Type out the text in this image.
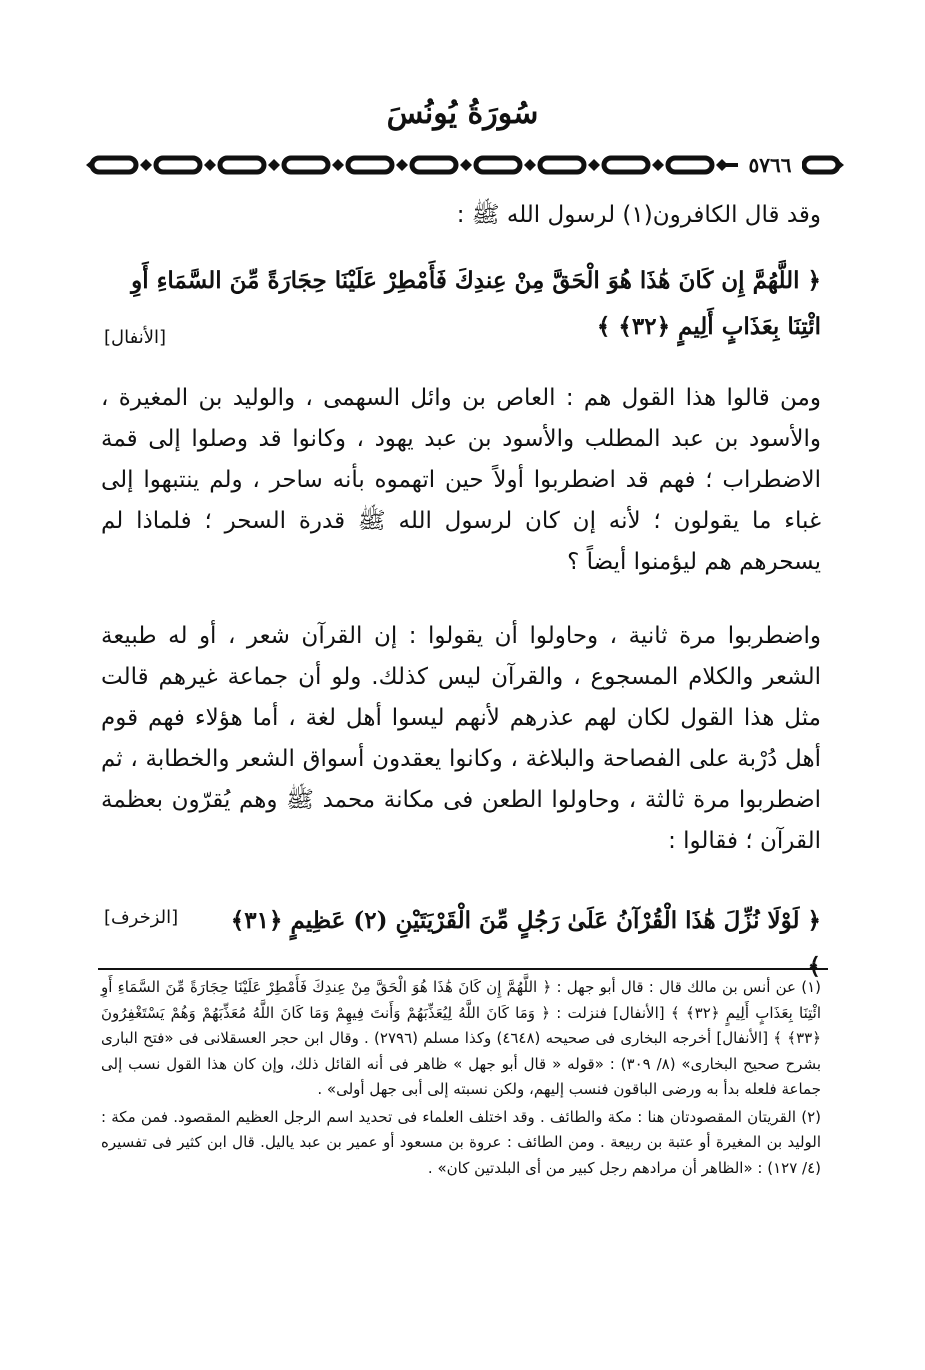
سُورَةُ يُونُسَ
٥٧٦٦
وقد قال الكافرون(١) لرسول الله ﷺ :
﴿ اللَّهُمَّ إِن كَانَ هَٰذَا هُوَ الْحَقَّ مِنْ عِندِكَ فَأَمْطِرْ عَلَيْنَا حِجَارَةً مِّنَ السَّمَاءِ أَوِ ائْتِنَا بِعَذَابٍ أَلِيمٍ ﴿٣٢﴾ ﴾
[الأنفال]

ومن قالوا هذا القول هم : العاص بن وائل السهمى ، والوليد بن المغيرة ، والأسود بن عبد المطلب والأسود بن عبد يهود ، وكانوا قد وصلوا إلى قمة الاضطراب ؛ فهم قد اضطربوا أولاً حين اتهموه بأنه ساحر ، ولم ينتبهوا إلى غباء ما يقولون ؛ لأنه إن كان لرسول الله ﷺ قدرة السحر ؛ فلماذا لم يسحرهم هم ليؤمنوا أيضاً ؟

واضطربوا مرة ثانية ، وحاولوا أن يقولوا : إن القرآن شعر ، أو له طبيعة الشعر والكلام المسجوع ، والقرآن ليس كذلك. ولو أن جماعة غيرهم قالت مثل هذا القول لكان لهم عذرهم لأنهم ليسوا أهل لغة ، أما هؤلاء فهم قوم أهل دُرْبة على الفصاحة والبلاغة ، وكانوا يعقدون أسواق الشعر والخطابة ، ثم اضطربوا مرة ثالثة ، وحاولوا الطعن فى مكانة محمد ﷺ وهم يُقرّون بعظمة القرآن ؛ فقالوا :

﴿ لَوْلَا نُزِّلَ هَٰذَا الْقُرْآنُ عَلَىٰ رَجُلٍ مِّنَ الْقَرْيَتَيْنِ (٢) عَظِيمٍ ﴿٣١﴾ ﴾
[الزخرف]

(١) عن أنس بن مالك قال : قال أبو جهل : ﴿ اللَّهُمَّ إِن كَانَ هَٰذَا هُوَ الْحَقَّ مِنْ عِندِكَ فَأَمْطِرْ عَلَيْنَا حِجَارَةً مِّنَ السَّمَاءِ أَوِ ائْتِنَا بِعَذَابٍ أَلِيمٍ ﴿٣٢﴾ ﴾ [الأنفال] فنزلت : ﴿ وَمَا كَانَ اللَّهُ لِيُعَذِّبَهُمْ وَأَنتَ فِيهِمْ وَمَا كَانَ اللَّهُ مُعَذِّبَهُمْ وَهُمْ يَسْتَغْفِرُونَ ﴿٣٣﴾ ﴾ [الأنفال] أخرجه البخارى فى صحيحه (٤٦٤٨) وكذا مسلم (٢٧٩٦) . وقال ابن حجر العسقلانى فى «فتح البارى بشرح صحيح البخارى» (٨/ ٣٠٩) : «قوله « قال أبو جهل » ظاهر فى أنه القائل ذلك، وإن كان هذا القول نسب إلى جماعة فلعله بدأ به ورضى الباقون فنسب إليهم، ولكن نسبته إلى أبى جهل أولى» .

(٢) القريتان المقصودتان هنا : مكة والطائف . وقد اختلف العلماء فى تحديد اسم الرجل العظيم المقصود. فمن مكة : الوليد بن المغيرة أو عتبة بن ربيعة . ومن الطائف : عروة بن مسعود أو عمير بن عبد ياليل. قال ابن كثير فى تفسيره (٤/ ١٢٧) : «الظاهر أن مرادهم رجل كبير من أى البلدتين كان» .
